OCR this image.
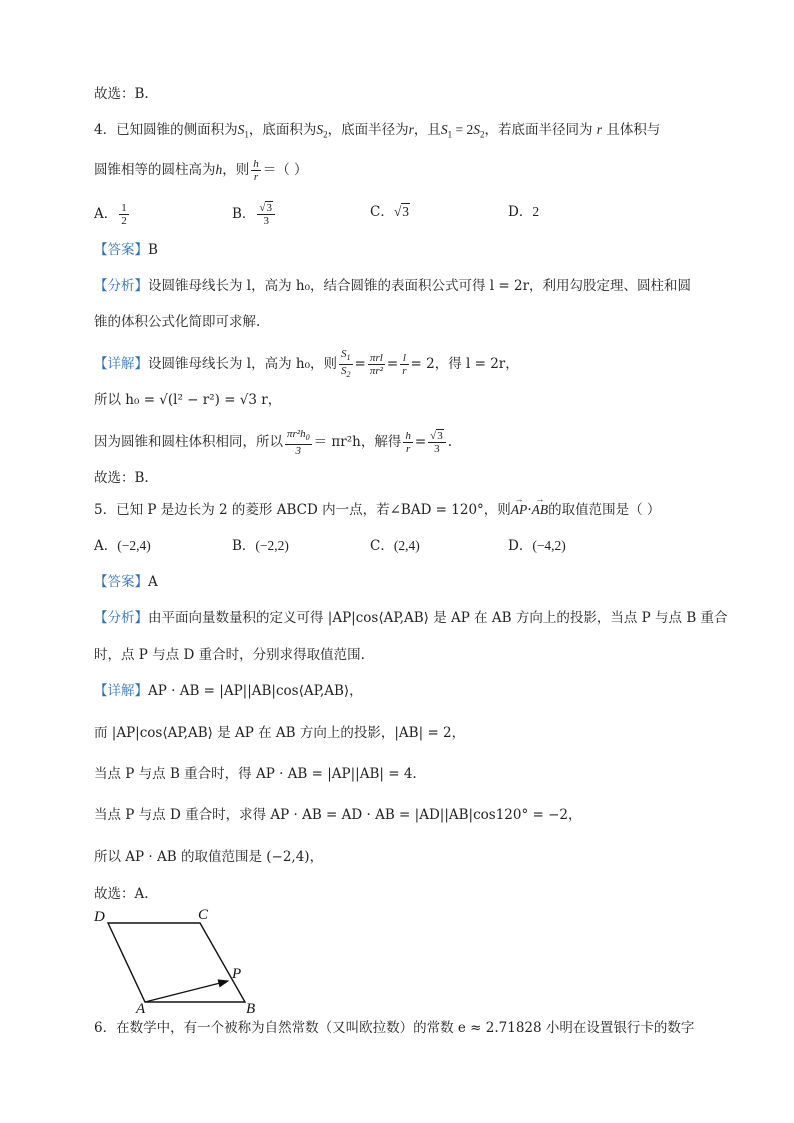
故选：B.
4．已知圆锥的侧面积为$S_1$，底面积为$S_2$，底面半径为r，且$S_1 = 2S_2$，若底面半径同为 r 且体积与
圆锥相等的圆柱高为h，则 $\frac{h}{r}$ ＝（ ）
A． $\frac{1}{2}$	B． $\frac{√3}{3}$	C．√3	D．2
【答案】B
【分析】设圆锥母线长为 l，高为 h₀，结合圆锥的表面积公式可得 l = 2r，利用勾股定理、圆柱和圆
锥的体积公式化简即可求解.
【详解】设圆锥母线长为 l，高为 h₀，则 $\frac{S_1}{S_2} = \frac{\text{πrl}}{\text{πr²}} = \frac{l}{r} = 2$，得 l = 2r，
所以 h₀ = √(l² − r²) = √3 r，
因为圆锥和圆柱体积相同，所以 $\frac{\pi r^2h_0}{3} = \pi r^2h$，解得 $\frac{h}{r} = \frac{√3}{3}$ .
故选：B.
5．已知 P 是边长为 2 的菱形 ABCD 内一点，若∠BAD = 120°，则→ AP·→ AB的取值范围是（ ）
A．(−2,4)	B．(−2,2)	C．(2,4)	D．(−4,2)
【答案】A
【分析】由平面向量数量积的定义可得 |AP|cos⟨AP,AB⟩ 是 AP 在 AB 方向上的投影，当点 P 与点 B 重合
时，点 P 与点 D 重合时，分别求得取值范围.
【详解】AP · AB = |AP||AB|cos⟨AP,AB⟩，
而 |AP|cos⟨AP,AB⟩ 是 AP 在 AB 方向上的投影，|AB| = 2，
当点 P 与点 B 重合时，得 AP · AB = |AP||AB| = 4.
当点 P 与点 D 重合时，求得 AP · AB = AD · AB = |AD||AB|cos120° = −2，
所以 AP · AB 的取值范围是 (−2,4)，
故选：A.
D	C
P
A	B
6．在数学中，有一个被称为自然常数（又叫欧拉数）的常数 e ≈ 2.71828 小明在设置银行卡的数字
